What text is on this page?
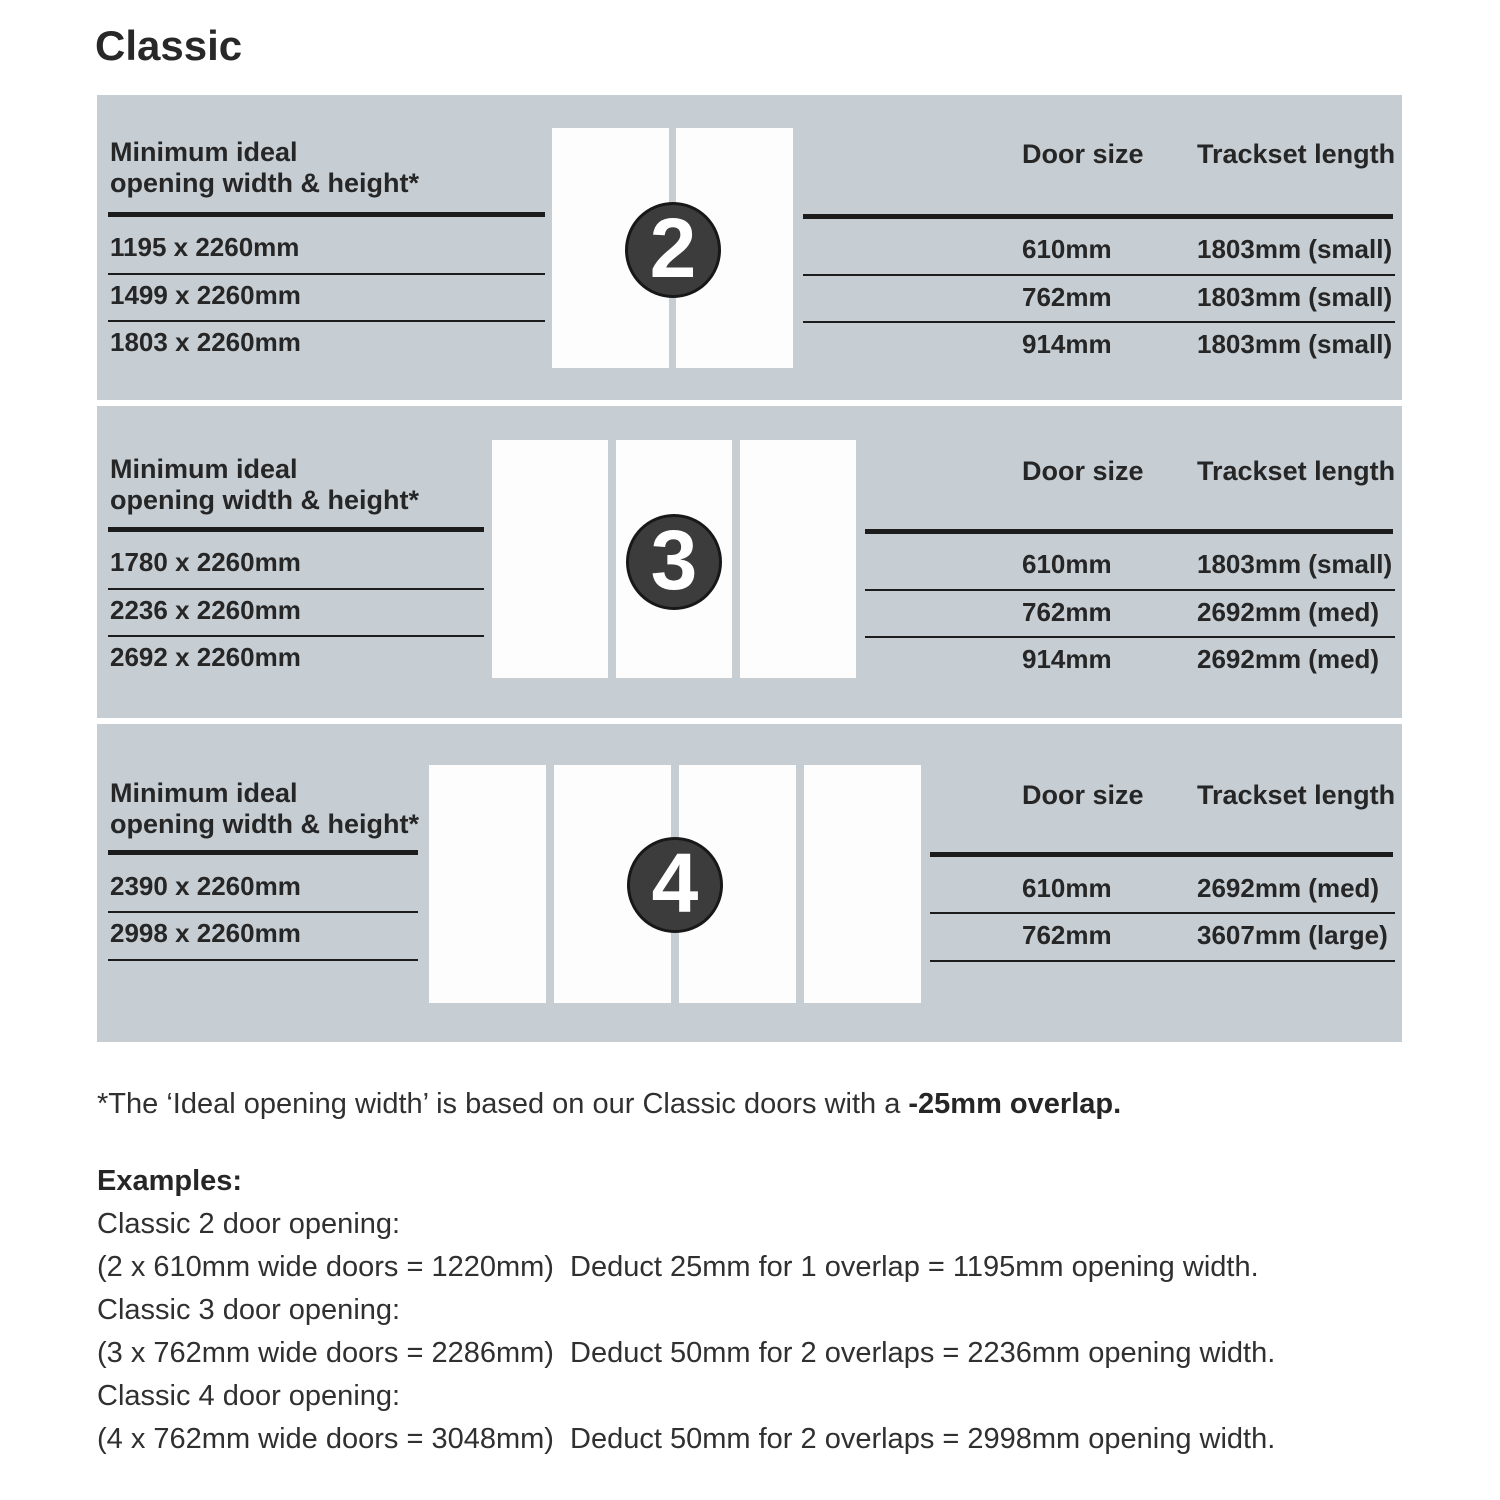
Classic
Minimum ideal
opening width & height*
Door size Trackset length
1195 x 2260mm
1499 x 2260mm
1803 x 2260mm
610mm
762mm
914mm
1803mm (small)
1803mm (small)
1803mm (small)
2
Minimum ideal
opening width & height*
Door size Trackset length
1780 x 2260mm
2236 x 2260mm
2692 x 2260mm
610mm
762mm
914mm
1803mm (small)
2692mm (med)
2692mm (med)
3
Minimum ideal
opening width & height*
Door size Trackset length
2390 x 2260mm
2998 x 2260mm
610mm
762mm
2692mm (med)
3607mm (large)
4
*The ‘Ideal opening width’ is based on our Classic doors with a -25mm overlap.
Examples:
Classic 2 door opening:
(2 x 610mm wide doors = 1220mm)  Deduct 25mm for 1 overlap = 1195mm opening width.
Classic 3 door opening:
(3 x 762mm wide doors = 2286mm)  Deduct 50mm for 2 overlaps = 2236mm opening width.
Classic 4 door opening:
(4 x 762mm wide doors = 3048mm)  Deduct 50mm for 2 overlaps = 2998mm opening width.
